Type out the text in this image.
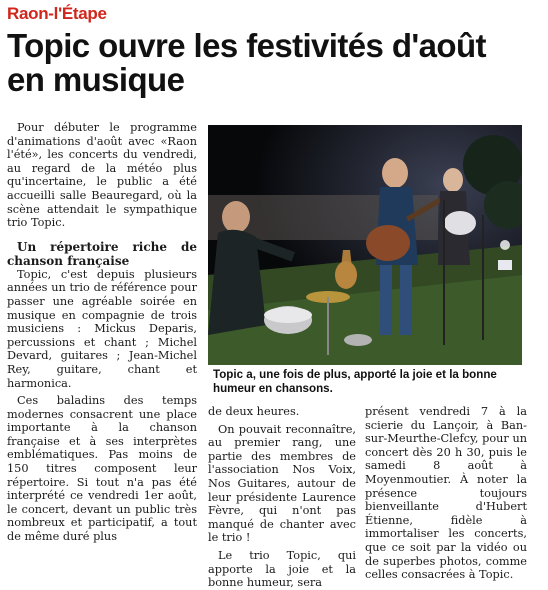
Raon-l'Étape
Topic ouvre les festivités d'août en musique

Pour débuter le programme d'animations d'août avec «Raon l'été», les concerts du vendredi, au regard de la météo plus qu'incertaine, le public a été accueilli salle Beauregard, où la scène attendait le sympathique trio Topic.

Un répertoire riche de chanson française

Topic, c'est depuis plusieurs années un trio de référence pour passer une agréable soirée en musique en compagnie de trois musiciens : Mickus Deparis, percussions et chant ; Michel Devard, guitares ; Jean-Michel Rey, guitare, chant et harmonica.

Ces baladins des temps modernes consacrent une place importante à la chanson française et à ses interprètes emblématiques. Pas moins de 150 titres composent leur répertoire. Si tout n'a pas été interprété ce vendredi 1er août, le concert, devant un public très nombreux et participatif, a tout de même duré plus

Topic a, une fois de plus, apporté la joie et la bonne humeur en chansons.

de deux heures.

On pouvait reconnaître, au premier rang, une partie des membres de l'association Nos Voix, Nos Guitares, autour de leur présidente Laurence Fèvre, qui n'ont pas manqué de chanter avec le trio !

Le trio Topic, qui apporte la joie et la bonne humeur, sera

présent vendredi 7 à la scierie du Lançoir, à Ban-sur-Meurthe-Clefcy, pour un concert dès 20 h 30, puis le samedi 8 août à Moyenmoutier. À noter la présence toujours bienveillante d'Hubert Étienne, fidèle à immortaliser les concerts, que ce soit par la vidéo ou de superbes photos, comme celles consacrées à Topic.
